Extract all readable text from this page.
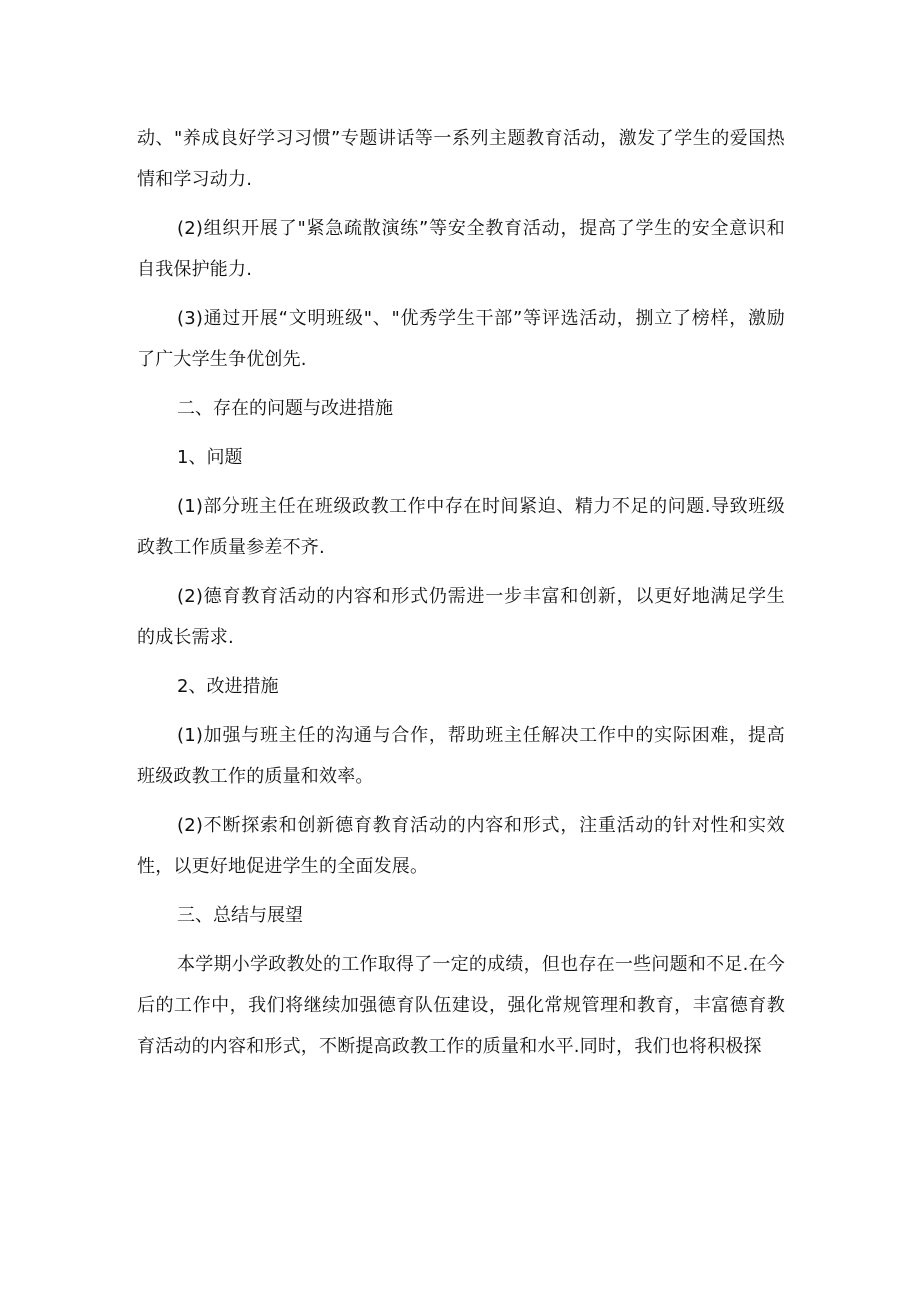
动、"养成良好学习习惯”专题讲话等一系列主题教育活动，激发了学生的爱国热情和学习动力.

(2)组织开展了"紧急疏散演练”等安全教育活动，提高了学生的安全意识和自我保护能力.

(3)通过开展“文明班级"、"优秀学生干部”等评选活动，捌立了榜样，激励了广大学生争优创先.

二、存在的问题与改进措施

1、问题

(1)部分班主任在班级政教工作中存在时间紧迫、精力不足的问题.导致班级政教工作质量参差不齐.

(2)德育教育活动的内容和形式仍需进一步丰富和创新，以更好地满足学生的成长需求.

2、改进措施

(1)加强与班主任的沟通与合作，帮助班主任解决工作中的实际困难，提高班级政教工作的质量和效率。

(2)不断探索和创新德育教育活动的内容和形式，注重活动的针对性和实效性，以更好地促进学生的全面发展。

三、总结与展望

本学期小学政教处的工作取得了一定的成绩，但也存在一些问题和不足.在今后的工作中，我们将继续加强德育队伍建设，强化常规管理和教育，丰富德育教育活动的内容和形式，不断提高政教工作的质量和水平.同时，我们也将积极探
